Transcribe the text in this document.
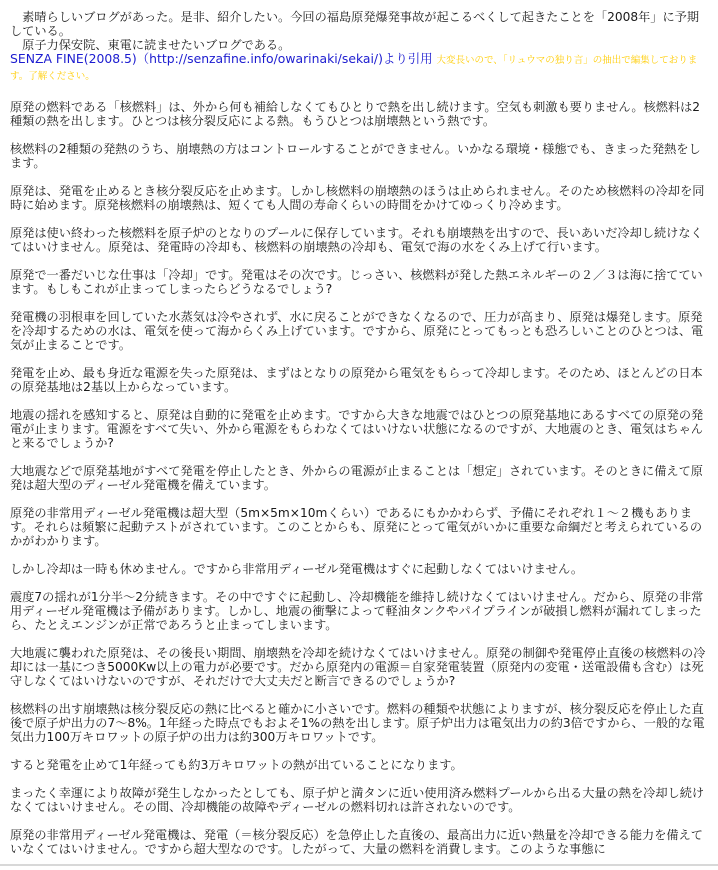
　素晴らしいブログがあった。是非、紹介したい。今回の福島原発爆発事故が起こるべくして起きたことを「2008年」に予期している。

　原子力保安院、東電に読ませたいブログである。

SENZA FINE(2008.5)（http://senzafine.info/owarinaki/sekai/)より引用 大変長いので、「リュウマの独り言」の抽出で編集しております。了解ください。

原発の燃料である「核燃料」は、外から何も補給しなくてもひとりで熱を出し続けます。空気も刺激も要りません。核燃料は2種類の熱を出します。ひとつは核分裂反応による熱。もうひとつは崩壊熱という熱です。

核燃料の2種類の発熱のうち、崩壊熱の方はコントロールすることができません。いかなる環境・様態でも、きまった発熱をします。

原発は、発電を止めるとき核分裂反応を止めます。しかし核燃料の崩壊熱のほうは止められません。そのため核燃料の冷却を同時に始めます。原発核燃料の崩壊熱は、短くても人間の寿命くらいの時間をかけてゆっくり冷めます。

原発は使い終わった核燃料を原子炉のとなりのプールに保存しています。それも崩壊熱を出すので、長いあいだ冷却し続けなくてはいけません。原発は、発電時の冷却も、核燃料の崩壊熱の冷却も、電気で海の水をくみ上げて行います。

原発で一番だいじな仕事は「冷却」です。発電はその次です。じっさい、核燃料が発した熱エネルギーの２／３は海に捨てています。もしもこれが止まってしまったらどうなるでしょう?

発電機の羽根車を回していた水蒸気は冷やされず、水に戻ることができなくなるので、圧力が高まり、原発は爆発します。原発を冷却するための水は、電気を使って海からくみ上げています。ですから、原発にとってもっとも恐ろしいことのひとつは、電気が止まることです。

発電を止め、最も身近な電源を失った原発は、まずはとなりの原発から電気をもらって冷却します。そのため、ほとんどの日本の原発基地は2基以上からなっています。

地震の揺れを感知すると、原発は自動的に発電を止めます。ですから大きな地震ではひとつの原発基地にあるすべての原発の発電が止まります。電源をすべて失い、外から電源をもらわなくてはいけない状態になるのですが、大地震のとき、電気はちゃんと来るでしょうか?

大地震などで原発基地がすべて発電を停止したとき、外からの電源が止まることは「想定」されています。そのときに備えて原発は超大型のディーゼル発電機を備えています。

原発の非常用ディーゼル発電機は超大型（5m×5m×10mくらい）であるにもかかわらず、予備にそれぞれ１〜２機もあります。それらは頻繁に起動テストがされています。このことからも、原発にとって電気がいかに重要な命綱だと考えられているのかがわかります。

しかし冷却は一時も休めません。ですから非常用ディーゼル発電機はすぐに起動しなくてはいけません。

震度7の揺れが1分半〜2分続きます。その中ですぐに起動し、冷却機能を維持し続けなくてはいけません。だから、原発の非常用ディーゼル発電機は予備があります。しかし、地震の衝撃によって軽油タンクやパイプラインが破損し燃料が漏れてしまったら、たとえエンジンが正常であろうと止まってしまいます。

大地震に襲われた原発は、その後長い期間、崩壊熱を冷却を続けなくてはいけません。原発の制御や発電停止直後の核燃料の冷却には一基につき5000Kw以上の電力が必要です。だから原発内の電源＝自家発電装置（原発内の変電・送電設備も含む）は死守しなくてはいけないのですが、それだけで大丈夫だと断言できるのでしょうか?

核燃料の出す崩壊熱は核分裂反応の熱に比べると確かに小さいです。燃料の種類や状態によりますが、核分裂反応を停止した直後で原子炉出力の7〜8%。1年経った時点でもおよそ1%の熱を出します。原子炉出力は電気出力の約3倍ですから、一般的な電気出力100万キロワットの原子炉の出力は約300万キロワットです。

すると発電を止めて1年経っても約3万キロワットの熱が出ていることになります。

まったく幸運により故障が発生しなかったとしても、原子炉と満タンに近い使用済み燃料プールから出る大量の熱を冷却し続けなくてはいけません。その間、冷却機能の故障やディーゼルの燃料切れは許されないのです。

原発の非常用ディーゼル発電機は、発電（＝核分裂反応）を急停止した直後の、最高出力に近い熱量を冷却できる能力を備えていなくてはいけません。ですから超大型なのです。したがって、大量の燃料を消費します。このような事態に
